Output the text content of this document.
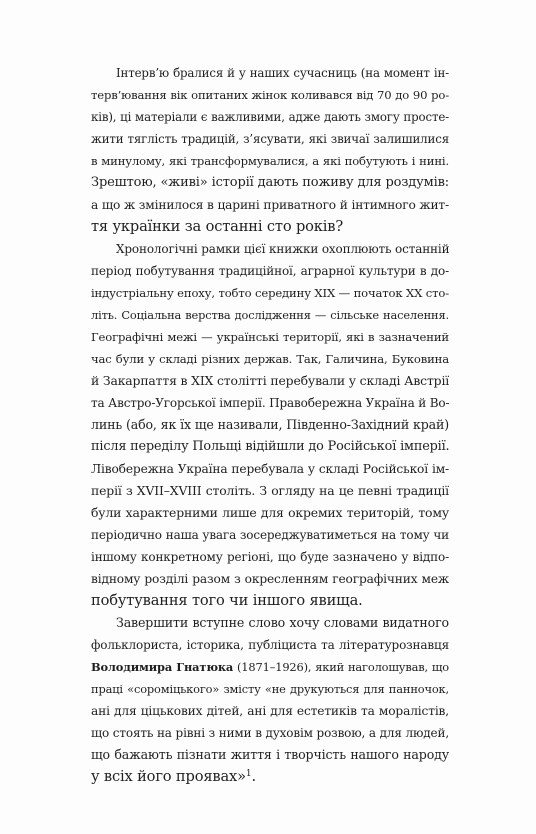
Інтерв’ю бралися й у наших сучасниць (на момент ін-
терв’ювання вік опитаних жінок коливався від 70 до 90 ро-
ків), ці матеріали є важливими, адже дають змогу просте-
жити тяглість традицій, з’ясувати, які звичаї залишилися
в минулому, які трансформувалися, а які побутують і нині.
Зрештою, «живі» історії дають поживу для роздумів:
а що ж змінилося в царині приватного й інтимного жит-
тя українки за останні сто років?
Хронологічні рамки цієї книжки охоплюють останній
період побутування традиційної, аграрної культури в до-
індустріальну епоху, тобто середину XIX — початок XX сто-
літь. Соціальна верства дослідження — сільське населення.
Географічні межі — українські території, які в зазначений
час були у складі різних держав. Так, Галичина, Буковина
й Закарпаття в XIX столітті перебували у складі Австрії
та Австро-Угорської імперії. Правобережна Україна й Во-
линь (або, як їх ще називали, Південно-Західний край)
після переділу Польщі відійшли до Російської імперії.
Лівобережна Україна перебувала у складі Російської ім-
перії з XVII–XVIII століть. З огляду на це певні традиції
були характерними лише для окремих територій, тому
періодично наша увага зосереджуватиметься на тому чи
іншому конкретному регіоні, що буде зазначено у відпо-
відному розділі разом з окресленням географічних меж
побутування того чи іншого явища.
Завершити вступне слово хочу словами видатного
фольклориста, історика, публіциста та літературознавця
Володимира Гнатюка (1871–1926), який наголошував, що
праці «сороміцького» змісту «не друкуються для панночок,
ані для ціцькових дітей, ані для естетиків та моралістів,
що стоять на рівні з ними в духовім розвою, а для людей,
що бажають пізнати життя і творчість нашого народу
у всіх його проявах»$^1$.
